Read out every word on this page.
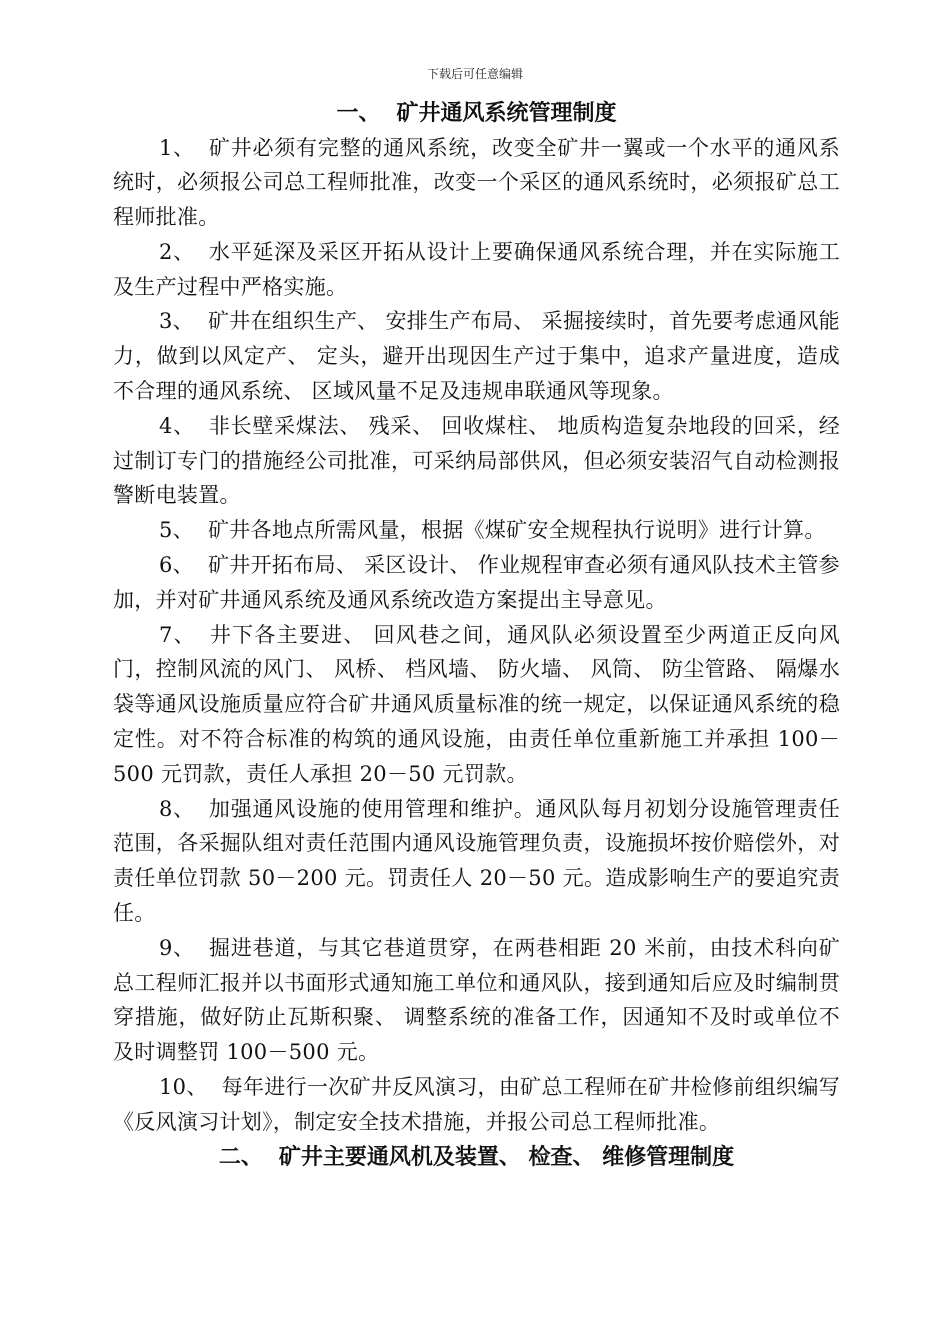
下载后可任意编辑
一、 矿井通风系统管理制度

1、 矿井必须有完整的通风系统，改变全矿井一翼或一个水平的通风系统时，必须报公司总工程师批准，改变一个采区的通风系统时，必须报矿总工程师批准。

2、 水平延深及采区开拓从设计上要确保通风系统合理，并在实际施工及生产过程中严格实施。

3、 矿井在组织生产、 安排生产布局、 采掘接续时，首先要考虑通风能力，做到以风定产、 定头，避开出现因生产过于集中，追求产量进度，造成不合理的通风系统、 区域风量不足及违规串联通风等现象。

4、 非长壁采煤法、 残采、 回收煤柱、 地质构造复杂地段的回采，经过制订专门的措施经公司批准，可采纳局部供风，但必须安装沼气自动检测报警断电装置。

5、 矿井各地点所需风量，根据《煤矿安全规程执行说明》进行计算。

6、 矿井开拓布局、 采区设计、 作业规程审查必须有通风队技术主管参加，并对矿井通风系统及通风系统改造方案提出主导意见。

7、 井下各主要进、 回风巷之间，通风队必须设置至少两道正反向风门，控制风流的风门、 风桥、 档风墙、 防火墙、 风筒、 防尘管路、 隔爆水袋等通风设施质量应符合矿井通风质量标准的统一规定，以保证通风系统的稳定性。对不符合标准的构筑的通风设施，由责任单位重新施工并承担 100－500 元罚款，责任人承担 20－50 元罚款。

8、 加强通风设施的使用管理和维护。通风队每月初划分设施管理责任范围，各采掘队组对责任范围内通风设施管理负责，设施损坏按价赔偿外，对责任单位罚款 50－200 元。罚责任人 20－50 元。造成影响生产的要追究责任。

9、 掘进巷道，与其它巷道贯穿，在两巷相距 20 米前，由技术科向矿总工程师汇报并以书面形式通知施工单位和通风队，接到通知后应及时编制贯穿措施，做好防止瓦斯积聚、 调整系统的准备工作，因通知不及时或单位不及时调整罚 100－500 元。

10、 每年进行一次矿井反风演习，由矿总工程师在矿井检修前组织编写《反风演习计划》，制定安全技术措施，并报公司总工程师批准。

二、 矿井主要通风机及装置、 检查、 维修管理制度
